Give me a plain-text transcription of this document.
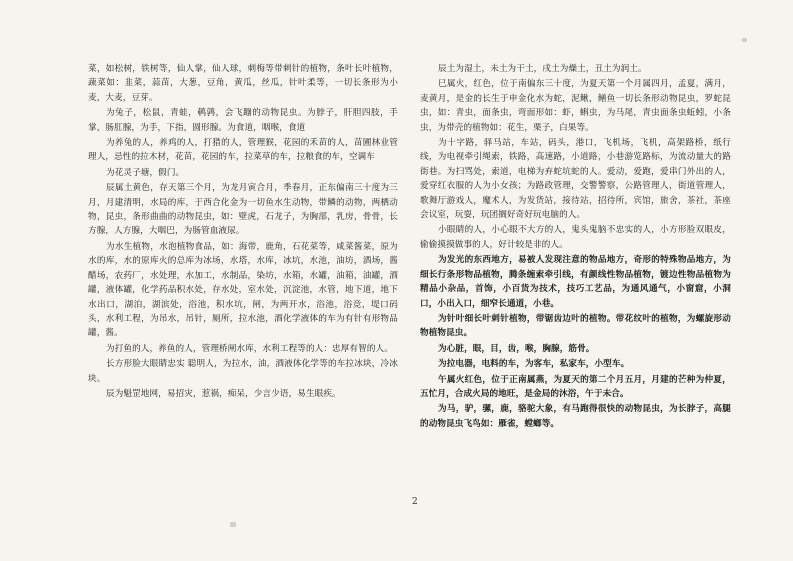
菜，如松树，铁树等，仙人掌，仙人球，刺梅等带刺针的植物，条叶长叶植物，蔬菜如：韭菜，蒜苗，大葱，豆角，黄瓜，丝瓜，针叶柔等，一切长条形为小麦，大麦，豆芽。

为兔子，松鼠，青蛙，鹌鹑，会飞蹦的动物昆虫。为脖子，肝胆四肢，手掌，肠肛腺，为手，下指，圆形腺。为食道，咽喉，食道

为养兔的人，养鸡的人，打猎的人，管理猴，花园的禾苗的人，苗圃林业管理人，忌性的拉木材，花苗，花园的车，拉菜草的车，拉粮食的车，空调车

为花灵子塘，假门。

辰属土黄色，存天第三个月，为龙月寅合月，季春月，正东偏南三十度为三月，月建清明，水局的库，于西合化金为一切鱼水生动物，带鳞的动物，两栖动物，昆虫，条形曲曲的动物昆虫，如：壁虎，石龙子，为胸部，乳房，骨骨，长方腺，人方腺，大咽巴，为肠管血液尿。

为水生植物，水泡植物食品，如：海带，鹿角，石花菜等，咸菜酱菜，原为水的库，水的原库火的总库为冰场，水塔，水库，冰坑，水池，油坊，酒场，酱醋场，农药厂，水处理，水加工，水制品，染坊，水箱，水罐，油箱，油罐，酒罐，液体罐，化学药品积水处，存水处，室水处，沉淀池，水管，地下道，地下水出口，湖泊，湖滨处，浴池，积水坑，闸，为两开水，浴池，浴竞，堤口码头，水利工程，为吊水，吊针，厕所，拉水池，酒化学液体的车为有针有形物品罐，酱。

为打鱼的人，养鱼的人，管理桥闸水库，水利工程等的人：忠厚有智的人。

长方形脸大眼睛忠实 聪明人，为拉水，油，酒液体化学等的车拉冰块，冷冰块。

辰为魁罡地网，易招灾，惹祸，痴呆，少言少语，易生眼疾。

辰土为湿土，未土为干土，戌土为燥土，丑土为润土。

巳属火，红色，位于南偏东三十度，为夏天第一个月属四月，孟夏，满月，麦黄月，是金的长生于申金化水为蛇，泥鳅，鳝鱼一切长条形动物昆虫，罗蛇昆虫，如：青虫，面条虫，弯面形如：虾，蝌虫，为马尾，青虫面条虫蚯蚓，小条虫，为带壳的植物如：花生，栗子，白果等。

为十字路，驿马站，车站，码头，港口，飞机场，飞机，高架路桥，纸行线，为电视牵引绳索，铁路，高速路，小道路，小巷游览路标，为流动量大的路街巷。为扫骂处，索道，电梯为弃蛇坑蛇的人。爱动，爱跑，爱串门外出的人，爱穿红衣服的人为小女孩；为路政管理，交警警察，公路管理人，街道管理人，歌舞厅游戏人，魔术人，为发货站，接待站，招待所，宾馆，旅舍，茶社，茶座会议室，玩耍，玩团搁好奇好玩电脑的人。

小眼睛的人，小心眼不大方的人，鬼头鬼脑不忠实的人，小方形脸双眼皮，偷偷摸摸做事的人，好计较是非的人。

为发光的东西地方，易被人发现注意的物品地方，奇形的特殊物品地方，为细长行条形物品植物，腾条缠索牵引线，有颜线性物品植物，镀边性物品植物为精品小杂品，首饰，小百货为技术，技巧工艺品，为通风通气，小窗窟，小洞口，小出入口，细窄长通道，小巷。

为针叶细长叶刺针植物，带锯齿边叶的植物。带花纹叶的植物，为螺旋形动物植物昆虫。

为心脏，眼，目，齿，喉，胸腺，筋骨。

为拉电器，电料的车，为客车，私家车，小型车。

午属火红色，位于正南属燕，为夏天的第二个月五月，月建的芒种为仲夏，五忙月，合成火局的地旺，是金局的沐浴，午于未合。

为马，驴，骡，鹿，骆驼大象，有马跑得很快的动物昆虫，为长脖子，高腿的动物昆虫飞鸟如：雁雀，螳螂等。

2
